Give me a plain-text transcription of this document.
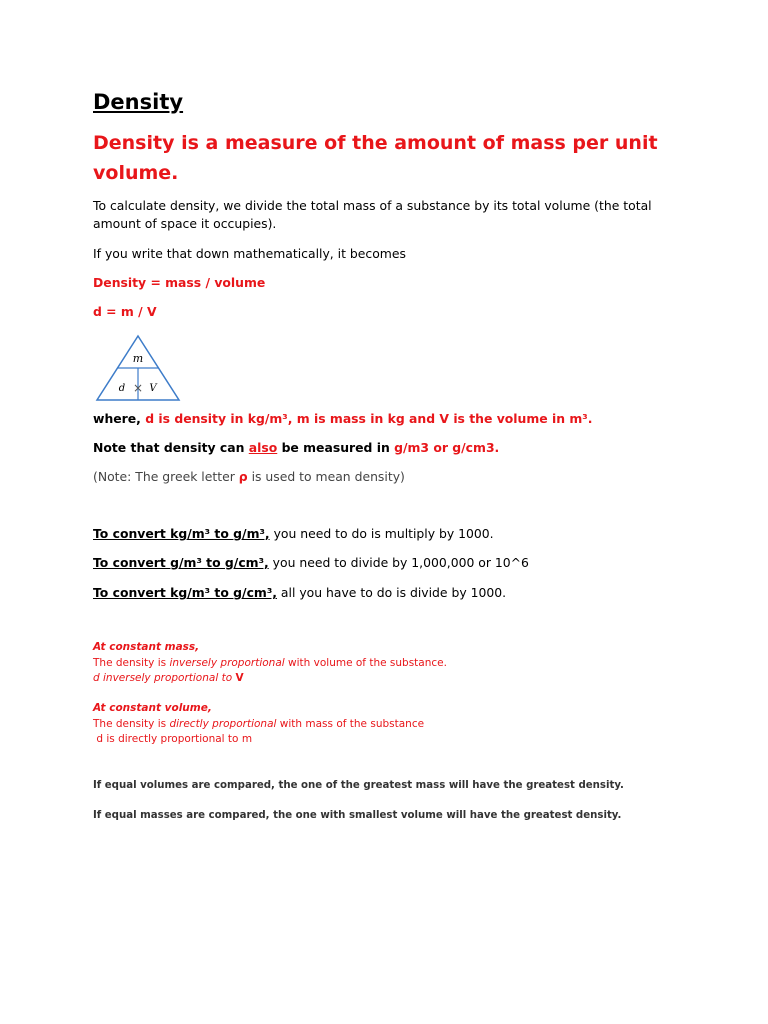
Density
Density is a measure of the amount of mass per unit
volume.
To calculate density, we divide the total mass of a substance by its total volume (the total
amount of space it occupies).
If you write that down mathematically, it becomes
Density = mass / volume
d = m / V
m
d × V
where, d is density in kg/m³, m is mass in kg and V is the volume in m³.
Note that density can also be measured in g/m3 or g/cm3.
(Note: The greek letter ρ is used to mean density)
To convert kg/m³ to g/m³, you need to do is multiply by 1000.
To convert g/m³ to g/cm³, you need to divide by 1,000,000 or 10^6
To convert kg/m³ to g/cm³, all you have to do is divide by 1000.
At constant mass,
The density is inversely proportional with volume of the substance.
d inversely proportional to V
At constant volume,
The density is directly proportional with mass of the substance
d is directly proportional to m
If equal volumes are compared, the one of the greatest mass will have the greatest density.
If equal masses are compared, the one with smallest volume will have the greatest density.
